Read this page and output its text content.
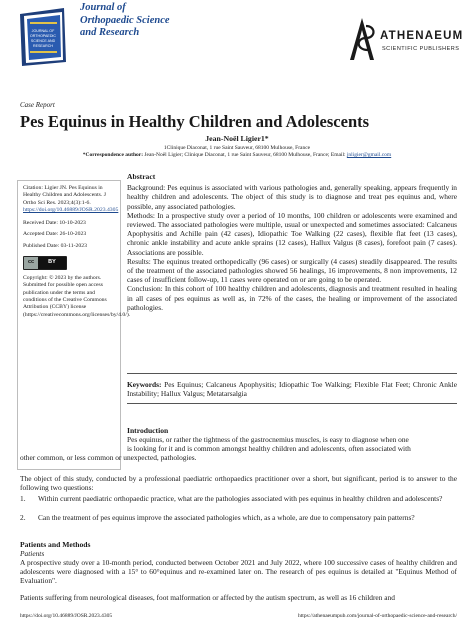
JOURNAL OF
ORTHOPAEDIC
SCIENCE AND
RESEARCH
Journal of
Orthopaedic Science
and Research	ATHENAEUM
SCIENTIFIC PUBLISHERS
Case Report
Pes Equinus in Healthy Children and Adolescents
Jean-Noël Ligier1*
1Clinique Diaconat, 1 rue Saint Sauveur, 68100 Mulhouse, France
*Correspondence author: Jean-Noël Ligier; Clinique Diaconat, 1 rue Saint Sauveur, 68100 Mulhouse, France; Email: jnligier@gmail.com

Citation: Ligier JN. Pes Equinus in Healthy Children and Adolescents. J Ortho Sci Res. 2023;4(3):1-6. https://doi.org/10.46889/JOSR.2023.4305

Received Date: 10-10-2023
Accepted Date: 26-10-2023
Published Date: 03-11-2023
cc	BY

Copyright: © 2023 by the authors. Submitted for possible open access publication under the terms and conditions of the Creative Commons Attribution (CCBY) license (https://creativecommons.org/licenses/by/4.0/).

Abstract

Background: Pes equinus is associated with various pathologies and, generally speaking, appears frequently in healthy children and adolescents. The object of this study is to diagnose and treat pes equinus and, where possible, any associated pathologies.

Methods: In a prospective study over a period of 10 months, 100 children or adolescents were examined and reviewed. The associated pathologies were multiple, usual or unexpected and sometimes associated: Calcaneus Apophysitis and Achille pain (42 cases), Idiopathic Toe Walking (22 cases), flexible flat feet (13 cases), chronic ankle instability and acute ankle sprains (12 cases), Hallux Valgus (8 cases), forefoot pain (7 cases). Associations are possible.

Results: The equinus treated orthopedically (96 cases) or surgically (4 cases) steadily disappeared. The results of the treatment of the associated pathologies showed 56 healings, 16 improvements, 8 non improvements, 12 cases of insufficient follow-up, 11 cases were operated on or are going to be operated.

Conclusion: In this cohort of 100 healthy children and adolescents, diagnosis and treatment resulted in healing in all cases of pes equinus as well as, in 72% of the cases, the healing or improvement of the associated pathologies.

Keywords: Pes Equinus; Calcaneus Apophysitis; Idiopathic Toe Walking; Flexible Flat Feet; Chronic Ankle Instability; Hallux Valgus; Metatarsalgia
Introduction
Pes equinus, or rather the tightness of the gastrocnemius muscles, is easy to diagnose when one
is looking for it and is common amongst healthy children and adolescents, often associated with
other common, or less common or unexpected, pathologies.
The object of this study, conducted by a professional paediatric orthopaedics practitioner over a short, but significant, period is to answer to the following two questions:
1. Within current paediatric orthopaedic practice, what are the pathologies associated with pes equinus in healthy children and adolescents?
2. Can the treatment of pes equinus improve the associated pathologies which, as a whole, are due to compensatory pain patterns?
Patients and Methods
Patients
A prospective study over a 10-month period, conducted between October 2021 and July 2022, where 100 successive cases of healthy children and adolescents were diagnosed with a 15° to 60°equinus and re-examined later on. The research of pes equinus is detailed at "Equinus Method of Evaluation".
Patients suffering from neurological diseases, foot malformation or affected by the autism spectrum, as well as 16 children and
https://doi.org/10.46889/JOSR.2023.4305	https://athenaeumpub.com/journal-of-orthopaedic-science-and-research/
